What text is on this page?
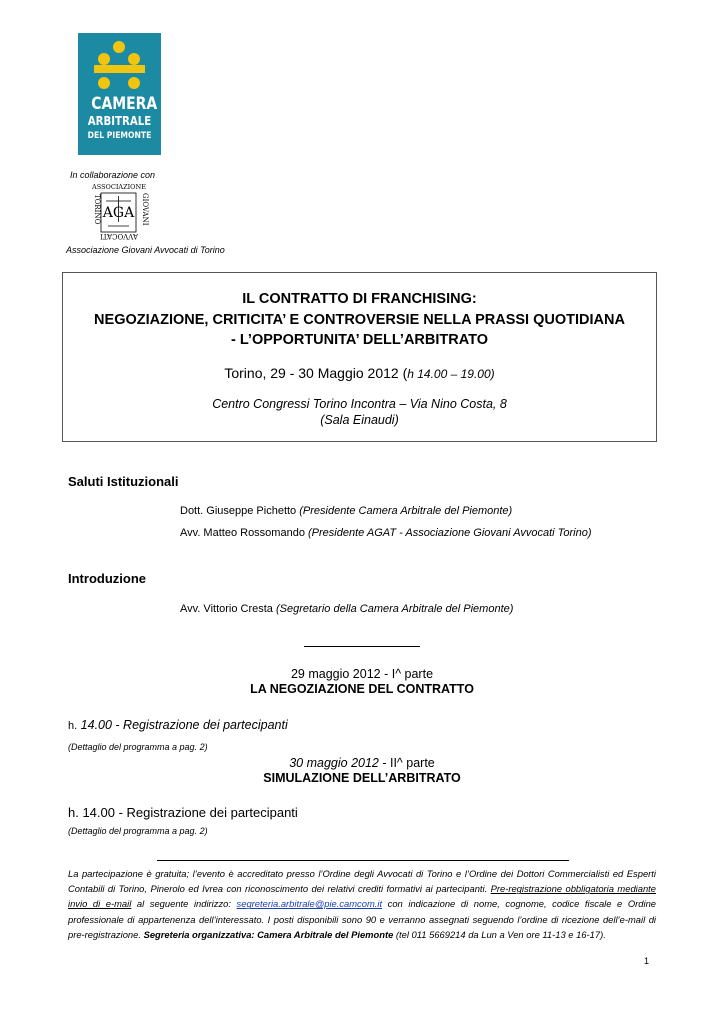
CAMERA
ARBITRALE
DEL PIEMONTE
In collaborazione con
ASSOCIAZIONE
TORINO	GIOVANI
AGA
AVVOCATI
Associazione Giovani Avvocati di Torino
IL CONTRATTO DI FRANCHISING:
NEGOZIAZIONE, CRITICITA’ E CONTROVERSIE NELLA PRASSI QUOTIDIANA
- L’OPPORTUNITA’ DELL’ARBITRATO
Torino, 29 - 30 Maggio 2012 (h 14.00 – 19.00)
Centro Congressi Torino Incontra – Via Nino Costa, 8
(Sala Einaudi)
Saluti Istituzionali
Dott. Giuseppe Pichetto (Presidente Camera Arbitrale del Piemonte)
Avv. Matteo Rossomando (Presidente AGAT - Associazione Giovani Avvocati Torino)
Introduzione
Avv. Vittorio Cresta (Segretario della Camera Arbitrale del Piemonte)
29 maggio 2012 - I^ parte
LA NEGOZIAZIONE DEL CONTRATTO
h. 14.00 - Registrazione dei partecipanti
(Dettaglio del programma a pag. 2)
30 maggio 2012 - II^ parte
SIMULAZIONE DELL’ARBITRATO
h. 14.00 - Registrazione dei partecipanti
(Dettaglio del programma a pag. 2)
La partecipazione è gratuita; l’evento è accreditato presso l’Ordine degli Avvocati di Torino e l’Ordine dei Dottori Commercialisti ed Esperti Contabili di Torino, Pinerolo ed Ivrea con riconoscimento dei relativi crediti formativi ai partecipanti. Pre-registrazione obbligatoria mediante invio di e-mail al seguente indirizzo: segreteria.arbitrale@pie.camcom.it con indicazione di nome, cognome, codice fiscale e Ordine professionale di appartenenza dell’interessato. I posti disponibili sono 90 e verranno assegnati seguendo l’ordine di ricezione dell’e-mail di pre-registrazione. Segreteria organizzativa: Camera Arbitrale del Piemonte (tel 011 5669214 da Lun a Ven ore 11-13 e 16-17).
1
